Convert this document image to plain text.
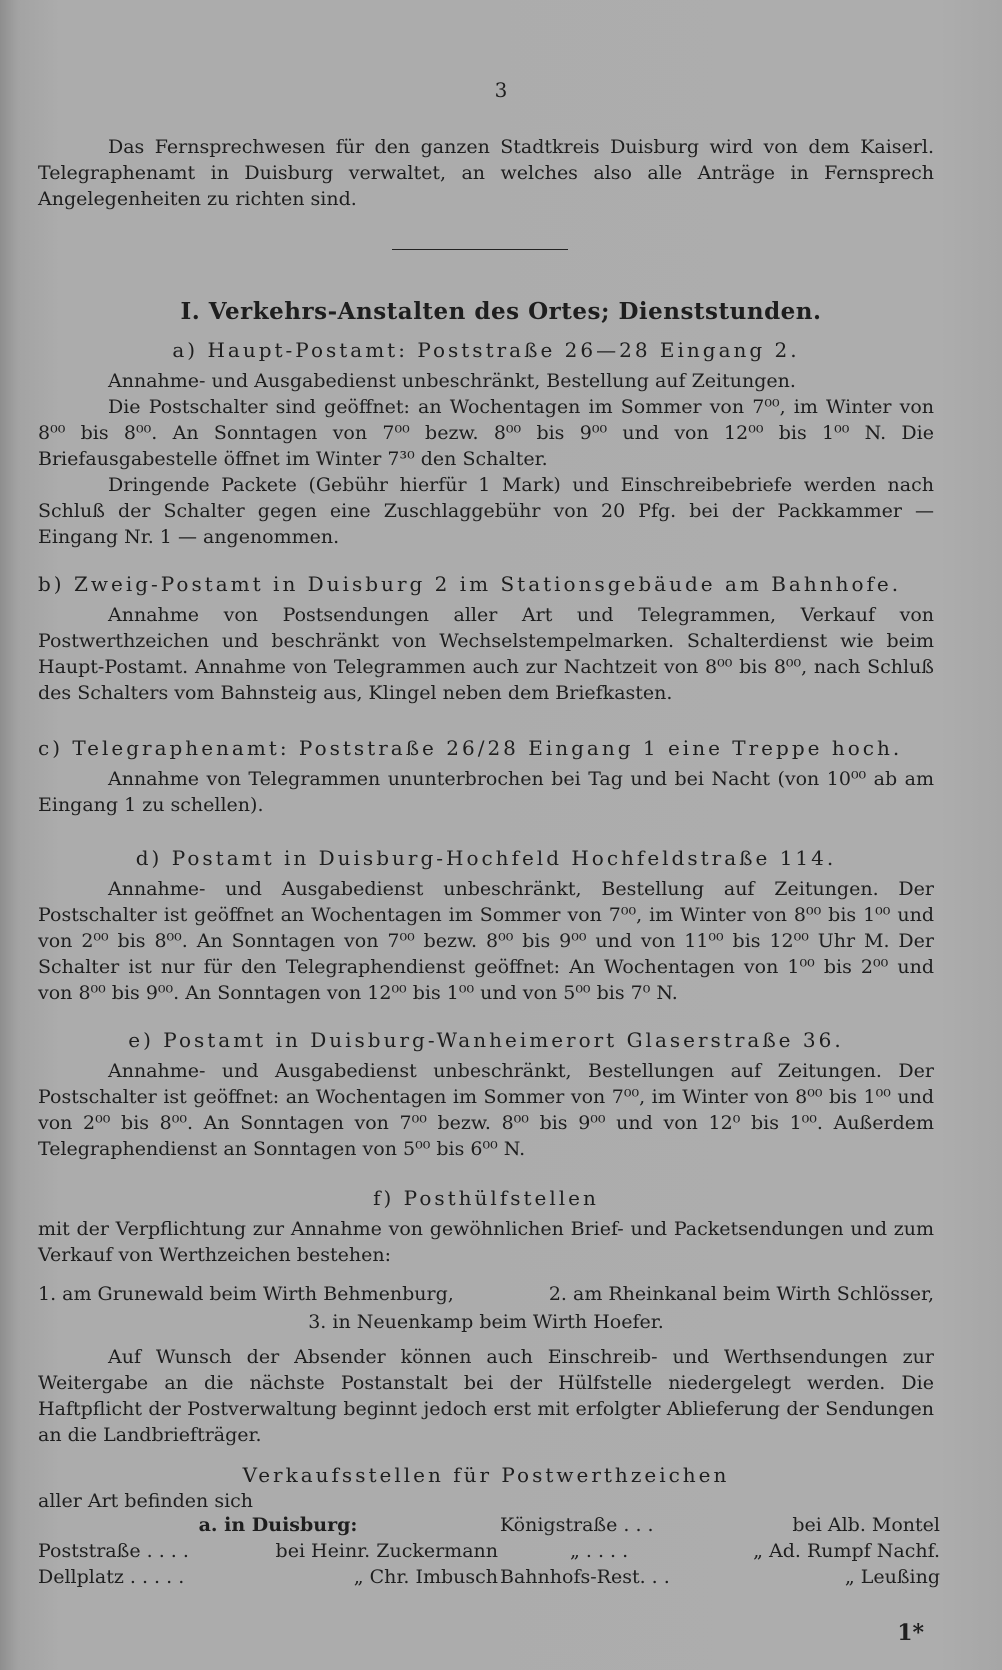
3

Das Fernsprechwesen für den ganzen Stadtkreis Duisburg wird von dem Kaiserl. Telegraphenamt in Duisburg verwaltet, an welches also alle Anträge in Fernsprech Angelegenheiten zu richten sind.

I. Verkehrs-Anstalten des Ortes; Dienststunden.
a) Haupt-Postamt: Poststraße 26—28 Eingang 2.

Annahme- und Ausgabedienst unbeschränkt, Bestellung auf Zeitungen.

Die Postschalter sind geöffnet: an Wochentagen im Sommer von 7⁰⁰, im Winter von 8⁰⁰ bis 8⁰⁰. An Sonntagen von 7⁰⁰ bezw. 8⁰⁰ bis 9⁰⁰ und von 12⁰⁰ bis 1⁰⁰ N. Die Briefausgabestelle öffnet im Winter 7³⁰ den Schalter.

Dringende Packete (Gebühr hierfür 1 Mark) und Einschreibebriefe werden nach Schluß der Schalter gegen eine Zuschlaggebühr von 20 Pfg. bei der Packkammer — Eingang Nr. 1 — angenommen.

b) Zweig-Postamt in Duisburg 2 im Stationsgebäude am Bahnhofe.

Annahme von Postsendungen aller Art und Telegrammen, Verkauf von Postwerthzeichen und beschränkt von Wechselstempelmarken. Schalterdienst wie beim Haupt-Postamt. Annahme von Telegrammen auch zur Nachtzeit von 8⁰⁰ bis 8⁰⁰, nach Schluß des Schalters vom Bahnsteig aus, Klingel neben dem Briefkasten.

c) Telegraphenamt: Poststraße 26/28 Eingang 1 eine Treppe hoch.

Annahme von Telegrammen ununterbrochen bei Tag und bei Nacht (von 10⁰⁰ ab am Eingang 1 zu schellen).

d) Postamt in Duisburg-Hochfeld Hochfeldstraße 114.

Annahme- und Ausgabedienst unbeschränkt, Bestellung auf Zeitungen. Der Postschalter ist geöffnet an Wochentagen im Sommer von 7⁰⁰, im Winter von 8⁰⁰ bis 1⁰⁰ und von 2⁰⁰ bis 8⁰⁰. An Sonntagen von 7⁰⁰ bezw. 8⁰⁰ bis 9⁰⁰ und von 11⁰⁰ bis 12⁰⁰ Uhr M. Der Schalter ist nur für den Telegraphendienst geöffnet: An Wochentagen von 1⁰⁰ bis 2⁰⁰ und von 8⁰⁰ bis 9⁰⁰. An Sonntagen von 12⁰⁰ bis 1⁰⁰ und von 5⁰⁰ bis 7⁰ N.

e) Postamt in Duisburg-Wanheimerort Glaserstraße 36.

Annahme- und Ausgabedienst unbeschränkt, Bestellungen auf Zeitungen. Der Postschalter ist geöffnet: an Wochentagen im Sommer von 7⁰⁰, im Winter von 8⁰⁰ bis 1⁰⁰ und von 2⁰⁰ bis 8⁰⁰. An Sonntagen von 7⁰⁰ bezw. 8⁰⁰ bis 9⁰⁰ und von 12⁰ bis 1⁰⁰. Außerdem Telegraphendienst an Sonntagen von 5⁰⁰ bis 6⁰⁰ N.

f) Posthülfstellen

mit der Verpflichtung zur Annahme von gewöhnlichen Brief- und Packetsendungen und zum Verkauf von Werthzeichen bestehen:

1. am Grunewald beim Wirth Behmenburg,	2. am Rheinkanal beim Wirth Schlösser,
3. in Neuenkamp beim Wirth Hoefer.

Auf Wunsch der Absender können auch Einschreib- und Werthsendungen zur Weitergabe an die nächste Postanstalt bei der Hülfstelle niedergelegt werden. Die Haftpflicht der Postverwaltung beginnt jedoch erst mit erfolgter Ablieferung der Sendungen an die Landbriefträger.

Verkaufsstellen für Postwerthzeichen

aller Art befinden sich

a. in Duisburg:
Poststraße . . . .	bei Heinr. Zuckermann
Dellplatz . . . . .	„ Chr. Imbusch
Königstraße . . .	bei Alb. Montel
„ . . . .	„ Ad. Rumpf Nachf.
Bahnhofs-Rest. . .	„ Leußing
1*
